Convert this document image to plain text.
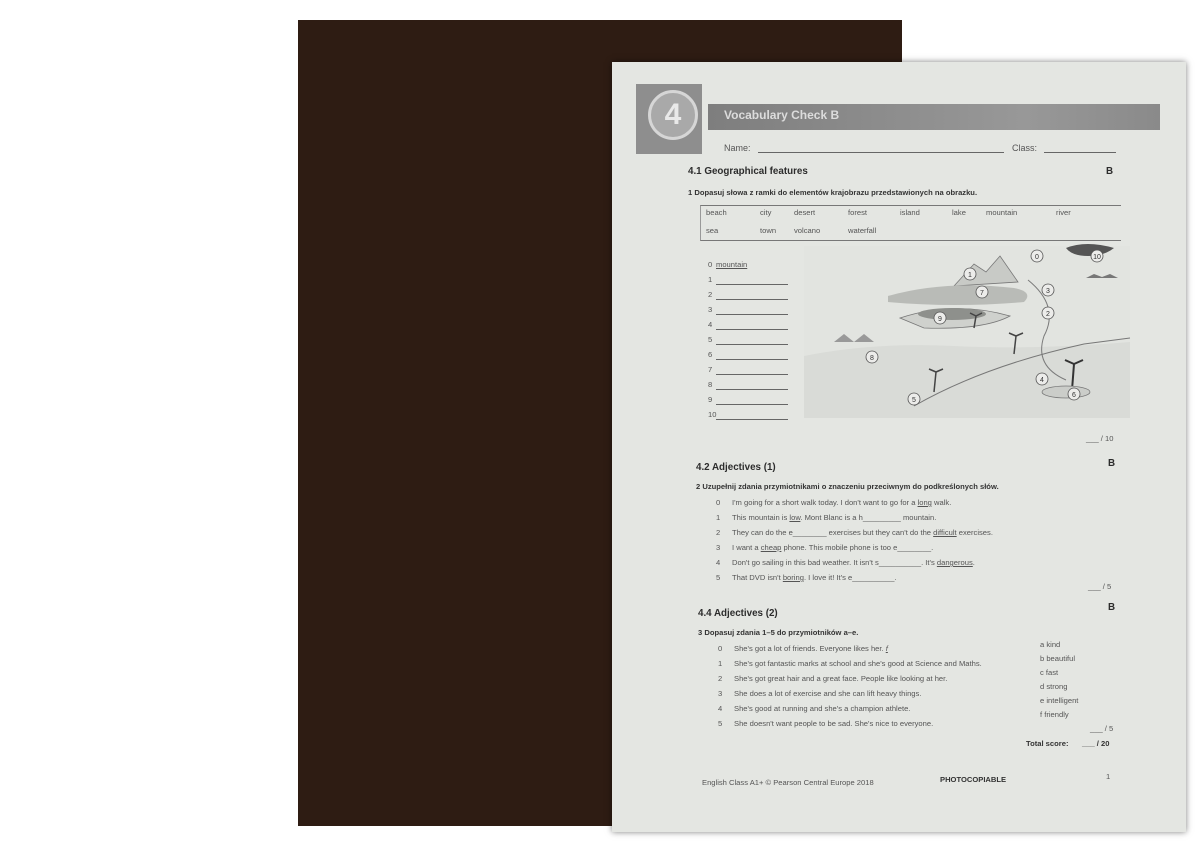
4	Vocabulary Check B
Name:	Class:
4.1 Geographical features	B
1 Dopasuj słowa z ramki do elementów krajobrazu przedstawionych na obrazku.
beach	city	desert	forest	island	lake	mountain	river
sea	town volcano	waterfall
0 mountain
1
2
3
4
5
6
7
8
9
10
0
1
2
3
4
5
6
7
8
9
10
___ / 10
4.2 Adjectives (1)	B
2 Uzupełnij zdania przymiotnikami o znaczeniu przeciwnym do podkreślonych słów.
0 I'm going for a short walk today. I don't want to go for a long walk.
1 This mountain is low. Mont Blanc is a h_________ mountain.
2 They can do the e________ exercises but they can't do the difficult exercises.
3 I want a cheap phone. This mobile phone is too e________.
4 Don't go sailing in this bad weather. It isn't s__________. It's dangerous.
5 That DVD isn't boring. I love it! It's e__________.
___ / 5
4.4 Adjectives (2)
B
3 Dopasuj zdania 1–5 do przymiotników a–e.
0 She's got a lot of friends. Everyone likes her. f
1 She's got fantastic marks at school and she's good at Science and Maths.
2 She's got great hair and a great face. People like looking at her.
3 She does a lot of exercise and she can lift heavy things.
4 She's good at running and she's a champion athlete.
5 She doesn't want people to be sad. She's nice to everyone.
a kind
b beautiful
c fast
d strong
e intelligent
f friendly
___ / 5
Total score: ___ / 20
English Class A1+ © Pearson Central Europe 2018	PHOTOCOPIABLE	1
